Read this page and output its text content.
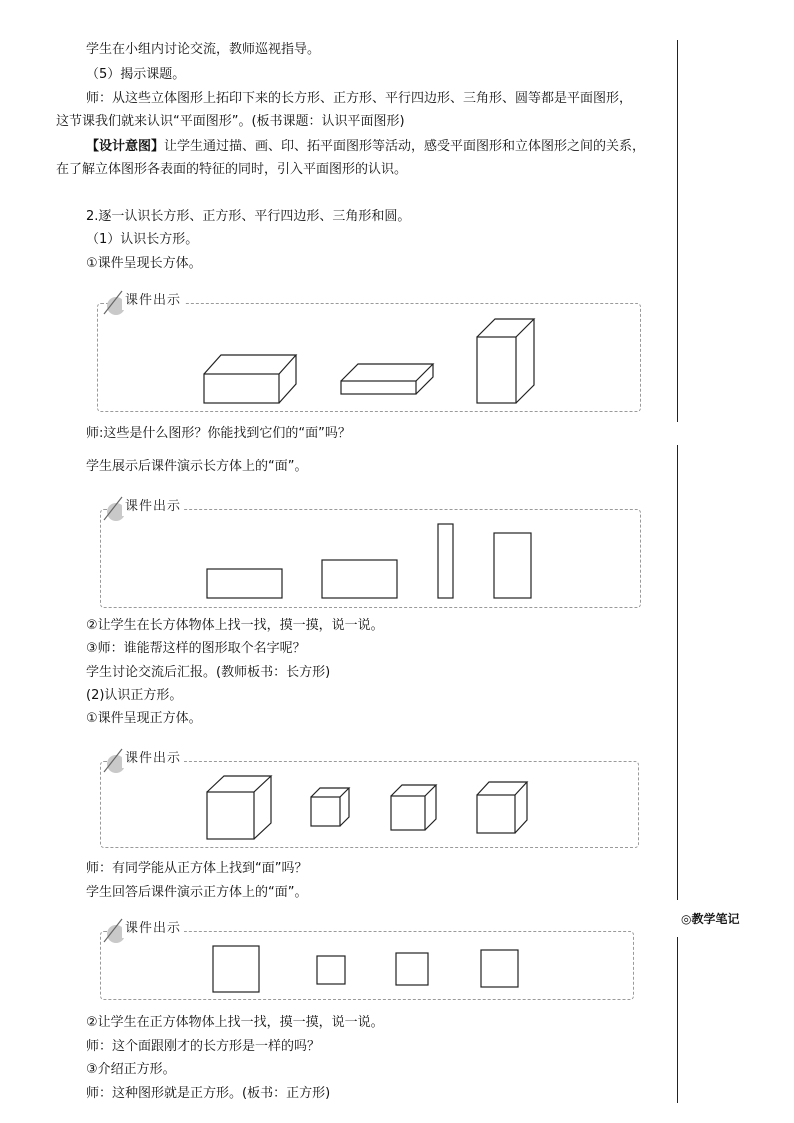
◎教学笔记
学生在小组内讨论交流，教师巡视指导。
（5）揭示课题。
师：从这些立体图形上拓印下来的长方形、正方形、平行四边形、三角形、圆等都是平面图形，
这节课我们就来认识“平面图形”。(板书课题：认识平面图形)
【设计意图】让学生通过描、画、印、拓平面图形等活动，感受平面图形和立体图形之间的关系，
在了解立体图形各表面的特征的同时，引入平面图形的认识。
2.逐一认识长方形、正方形、平行四边形、三角形和圆。
（1）认识长方形。
①课件呈现长方体。
师:这些是什么图形？你能找到它们的“面”吗？
学生展示后课件演示长方体上的“面”。
②让学生在长方体物体上找一找，摸一摸，说一说。
③师：谁能帮这样的图形取个名字呢？
学生讨论交流后汇报。(教师板书：长方形)
(2)认识正方形。
①课件呈现正方体。
师：有同学能从正方体上找到“面”吗？
学生回答后课件演示正方体上的“面”。
②让学生在正方体物体上找一找，摸一摸，说一说。
师：这个面跟刚才的长方形是一样的吗？
③介绍正方形。
师：这种图形就是正方形。(板书：正方形)
课件出示
课件出示
课件出示
课件出示
